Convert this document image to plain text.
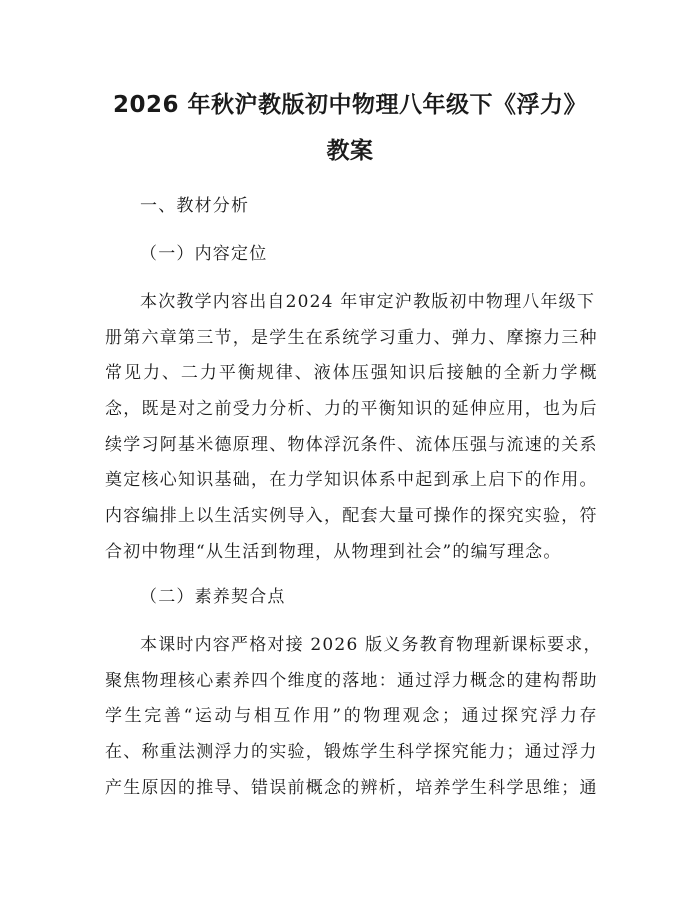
2026 年秋沪教版初中物理八年级下《浮力》
教案
一、教材分析
（一）内容定位
本次教学内容出自2024 年审定沪教版初中物理八年级下
册第六章第三节，是学生在系统学习重力、弹力、摩擦力三种
常见力、二力平衡规律、液体压强知识后接触的全新力学概
念，既是对之前受力分析、力的平衡知识的延伸应用，也为后
续学习阿基米德原理、物体浮沉条件、流体压强与流速的关系
奠定核心知识基础，在力学知识体系中起到承上启下的作用。
内容编排上以生活实例导入，配套大量可操作的探究实验，符
合初中物理“从生活到物理，从物理到社会”的编写理念。
（二）素养契合点
本课时内容严格对接 2026 版义务教育物理新课标要求，
聚焦物理核心素养四个维度的落地：通过浮力概念的建构帮助
学生完善“运动与相互作用”的物理观念；通过探究浮力存
在、称重法测浮力的实验，锻炼学生科学探究能力；通过浮力
产生原因的推导、错误前概念的辨析，培养学生科学思维；通
